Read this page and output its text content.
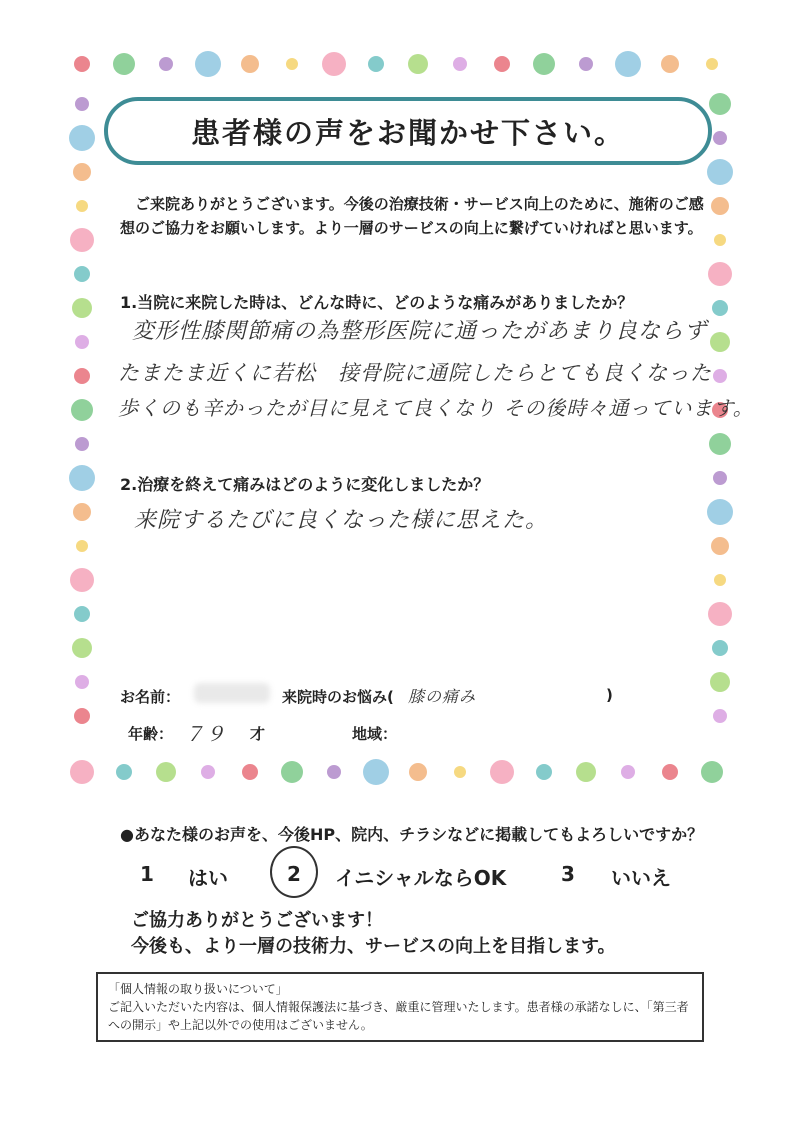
患者様の声をお聞かせ下さい。
ご来院ありがとうございます。今後の治療技術・サービス向上のために、施術のご感想のご協力をお願いします。より一層のサービスの向上に繋げていければと思います。
1.当院に来院した時は、どんな時に、どのような痛みがありましたか？
変形性膝関節痛の為整形医院に通ったがあまり良ならず
たまたま近くに若松　接骨院に通院したらとても良くなった
歩くのも辛かったが目に見えて良くなり その後時々通っています。
2.治療を終えて痛みはどのように変化しましたか？
来院するたびに良くなった様に思えた。
お名前：	来院時のお悩み( 膝の痛み	)
年齢： ７９ 才	地域：
●あなた様のお声を、今後HP、院内、チラシなどに掲載してもよろしいですか？
1 はい	2 イニシャルならOK	3 いいえ
ご協力ありがとうございます！
今後も、より一層の技術力、サービスの向上を目指します。
「個人情報の取り扱いについて」
ご記入いただいた内容は、個人情報保護法に基づき、厳重に管理いたします。患者様の承諾なしに、「第三者への開示」や上記以外での使用はございません。
